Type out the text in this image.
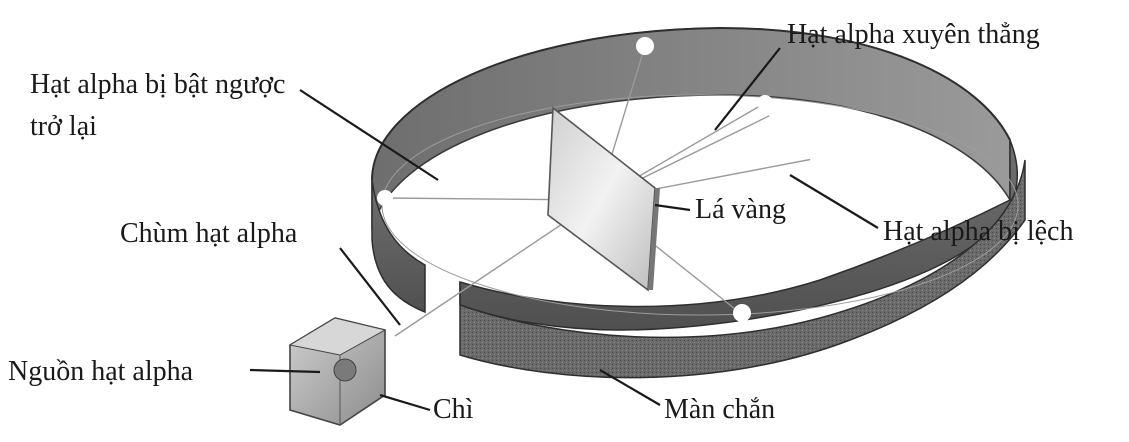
Hạt alpha xuyên thẳng
Hạt alpha bị bật ngược
trở lại
Chùm hạt alpha
Lá vàng
Hạt alpha bị lệch
Nguồn hạt alpha
Chì	Màn chắn
